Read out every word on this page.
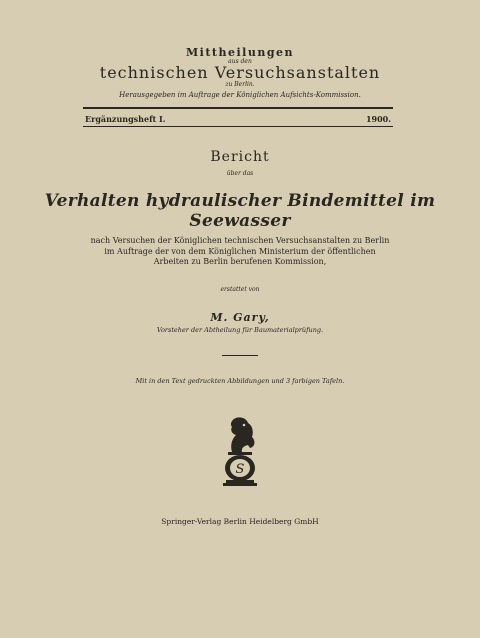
Mittheilungen
aus den
technischen Versuchsanstalten
zu Berlin.
Herausgegeben im Auftrage der Königlichen Aufsichts-Kommission.
Ergänzungsheft I.	1900.
Bericht
über das
Verhalten hydraulischer Bindemittel im Seewasser
nach Versuchen der Königlichen technischen Versuchsanstalten zu Berlin
im Auftrage der von dem Königlichen Ministerium der öffentlichen
Arbeiten zu Berlin berufenen Kommission,
erstattet von
M. Gary,
Vorsteher der Abtheilung für Baumaterialprüfung.
Mit in den Text gedruckten Abbildungen und 3 farbigen Tafeln.
S
Springer-Verlag Berlin Heidelberg GmbH
